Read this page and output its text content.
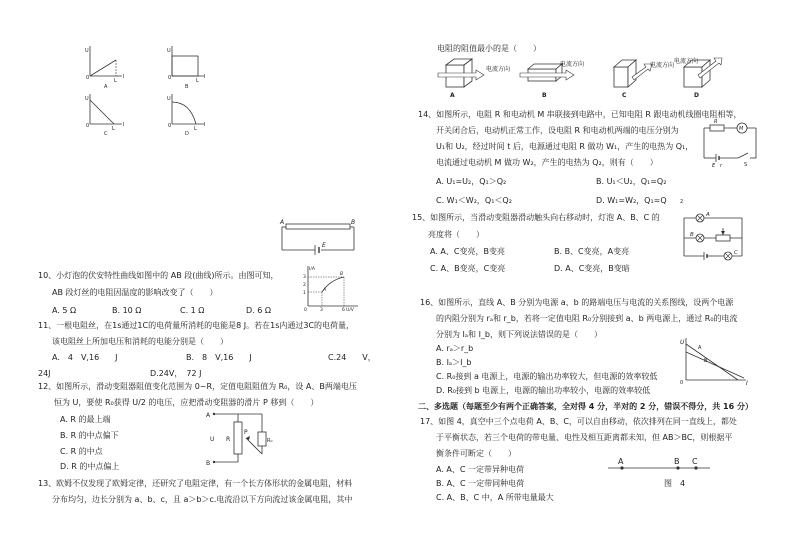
U
I
0	L
A
U
I
0	L
B
U
I
0	L
C
U
I
0	L
D
A	B
E
10、小灯泡的伏安特性曲线如图中的 AB 段(曲线)所示。由图可知，
AB 段灯丝的电阻因温度的影响改变了（　　）
A. 5 Ω	B. 10 Ω	C. 1 Ω	D. 6 Ω
I/A
U/V
3
2
1
3	6
A
B
0
11、一根电阻丝，在1s通过1C的电荷量所消耗的电能是8 J。若在1s内通过3C的电荷量，
该电阻丝上所加电压和消耗的电能分别是（　　）
A.　4　V,16　　J	B.　8　V,16　　J	C.24　　V，
24J	D.24V，　72 J
12、如图所示，滑动变阻器阻值变化范围为 0~R，定值电阻阻值为 R₀，设 A、B两端电压
恒为 U，要使 R₀获得 U/2 的电压，应把滑动变阻器的滑片 P 移到（　　）
A. R 的最上端
B. R 的中点偏下
C. R 的中点
D. R 的中点偏上
A
B
U R
P
R₀
13、欧姆不仅发现了欧姆定律，还研究了电阻定律，有一个长方体形状的金属电阻，材料
分布均匀，边长分别为 a、b、c，且 a＞b＞c.电流沿以下方向流过该金属电阻，其中
电阻的阻值最小的是（　　）
电流方向
A
电流方向
B
电流方向
C
电流方向
D
14、如图所示，电阻 R 和电动机 M 串联接到电路中，已知电阻 R 跟电动机线圈电阻相等，
开关闭合后，电动机正常工作，设电阻 R 和电动机两端的电压分别为
U₁和 U₂，经过时间 t 后，电源通过电阻 R 做功 W₁，产生的电热为 Q₁，
电流通过电动机 M 做功 W₂，产生的电热为 Q₂，则有（　　）
A. U₁=U₂，Q₁＞Q₂	B. U₁＜U₂，Q₁=Q₂
C. W₁＜W₂，Q₁＜Q₂	D. W₁=W₂，Q₁=Q	2
R
M
E r	S
15、如图所示，当滑动变阻器滑动触头向右移动时，灯泡 A、B、C 的
亮度将（　　）
A. A、C变亮，B变亮	B. B、C变亮，A变亮
C. A、B变亮，C变亮	D. A、C变亮，B变暗
A
B
C
16、如图所示，直线 A、B 分别为电源 a、b 的路端电压与电流的关系图线，设两个电源
的内阻分别为 rₐ和 r_b，若将一定值电阻 R₀分别接到 a、b 两电源上，通过 R₀的电流
分别为 Iₐ和 I_b，则下列说法错误的是（　　）
A. rₐ＞r_b
B. Iₐ＞I_b
C. R₀接到 a 电源上，电源的输出功率较大，但电源的效率较低
D. R₀接到 b 电源上，电源的输出功率较小，电源的效率较低
U
I
0
A
B
二、多选题（每题至少有两个正确答案，全对得 4 分，半对的 2 分，错误不得分，共 16 分）
17、如图 4，真空中三个点电荷 A、B、C，可以自由移动，依次排列在同一直线上，都处
于平衡状态，若三个电荷的带电量、电性及相互距离都未知，但 AB＞BC，则根据平
衡条件可断定（　　）
A. A、C 一定带异种电荷
B. A、C 一定带同种电荷
C. A、B、C 中，A 所带电量最大
A	B C
图　4
